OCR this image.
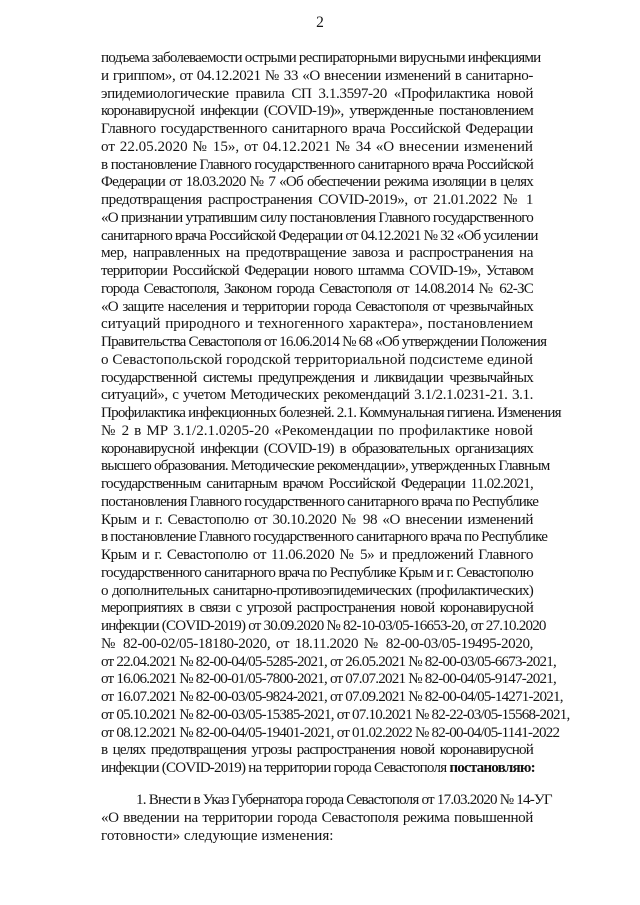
2
подъема заболеваемости острыми респираторными вирусными инфекциями
и гриппом», от 04.12.2021 № 33 «О внесении изменений в санитарно-
эпидемиологические правила СП 3.1.3597-20 «Профилактика новой
коронавирусной инфекции (COVID-19)», утвержденные постановлением
Главного государственного санитарного врача Российской Федерации
от 22.05.2020 № 15», от 04.12.2021 № 34 «О внесении изменений
в постановление Главного государственного санитарного врача Российской
Федерации от 18.03.2020 № 7 «Об обеспечении режима изоляции в целях
предотвращения распространения COVID-2019», от 21.01.2022 № 1
«О признании утратившим силу постановления Главного государственного
санитарного врача Российской Федерации от 04.12.2021 № 32 «Об усилении
мер, направленных на предотвращение завоза и распространения на
территории Российской Федерации нового штамма COVID-19», Уставом
города Севастополя, Законом города Севастополя от 14.08.2014 № 62-ЗС
«О защите населения и территории города Севастополя от чрезвычайных
ситуаций природного и техногенного характера», постановлением
Правительства Севастополя от 16.06.2014 № 68 «Об утверждении Положения
о Севастопольской городской территориальной подсистеме единой
государственной системы предупреждения и ликвидации чрезвычайных
ситуаций», с учетом Методических рекомендаций 3.1/2.1.0231-21. 3.1.
Профилактика инфекционных болезней. 2.1. Коммунальная гигиена. Изменения
№ 2 в МР 3.1/2.1.0205-20 «Рекомендации по профилактике новой
коронавирусной инфекции (COVID-19) в образовательных организациях
высшего образования. Методические рекомендации», утвержденных Главным
государственным санитарным врачом Российской Федерации 11.02.2021,
постановления Главного государственного санитарного врача по Республике
Крым и г. Севастополю от 30.10.2020 № 98 «О внесении изменений
в постановление Главного государственного санитарного врача по Республике
Крым и г. Севастополю от 11.06.2020 № 5» и предложений Главного
государственного санитарного врача по Республике Крым и г. Севастополю
о дополнительных санитарно-противоэпидемических (профилактических)
мероприятиях в связи с угрозой распространения новой коронавирусной
инфекции (COVID-2019) от 30.09.2020 № 82-10-03/05-16653-20, от 27.10.2020
№ 82-00-02/05-18180-2020, от 18.11.2020 № 82-00-03/05-19495-2020,
от 22.04.2021 № 82-00-04/05-5285-2021, от 26.05.2021 № 82-00-03/05-6673-2021,
от 16.06.2021 № 82-00-01/05-7800-2021, от 07.07.2021 № 82-00-04/05-9147-2021,
от 16.07.2021 № 82-00-03/05-9824-2021, от 07.09.2021 № 82-00-04/05-14271-2021,
от 05.10.2021 № 82-00-03/05-15385-2021, от 07.10.2021 № 82-22-03/05-15568-2021,
от 08.12.2021 № 82-00-04/05-19401-2021, от 01.02.2022 № 82-00-04/05-1141-2022
в целях предотвращения угрозы распространения новой коронавирусной
инфекции (COVID-2019) на территории города Севастополя постановляю:
1. Внести в Указ Губернатора города Севастополя от 17.03.2020 № 14-УГ
«О введении на территории города Севастополя режима повышенной
готовности» следующие изменения:
